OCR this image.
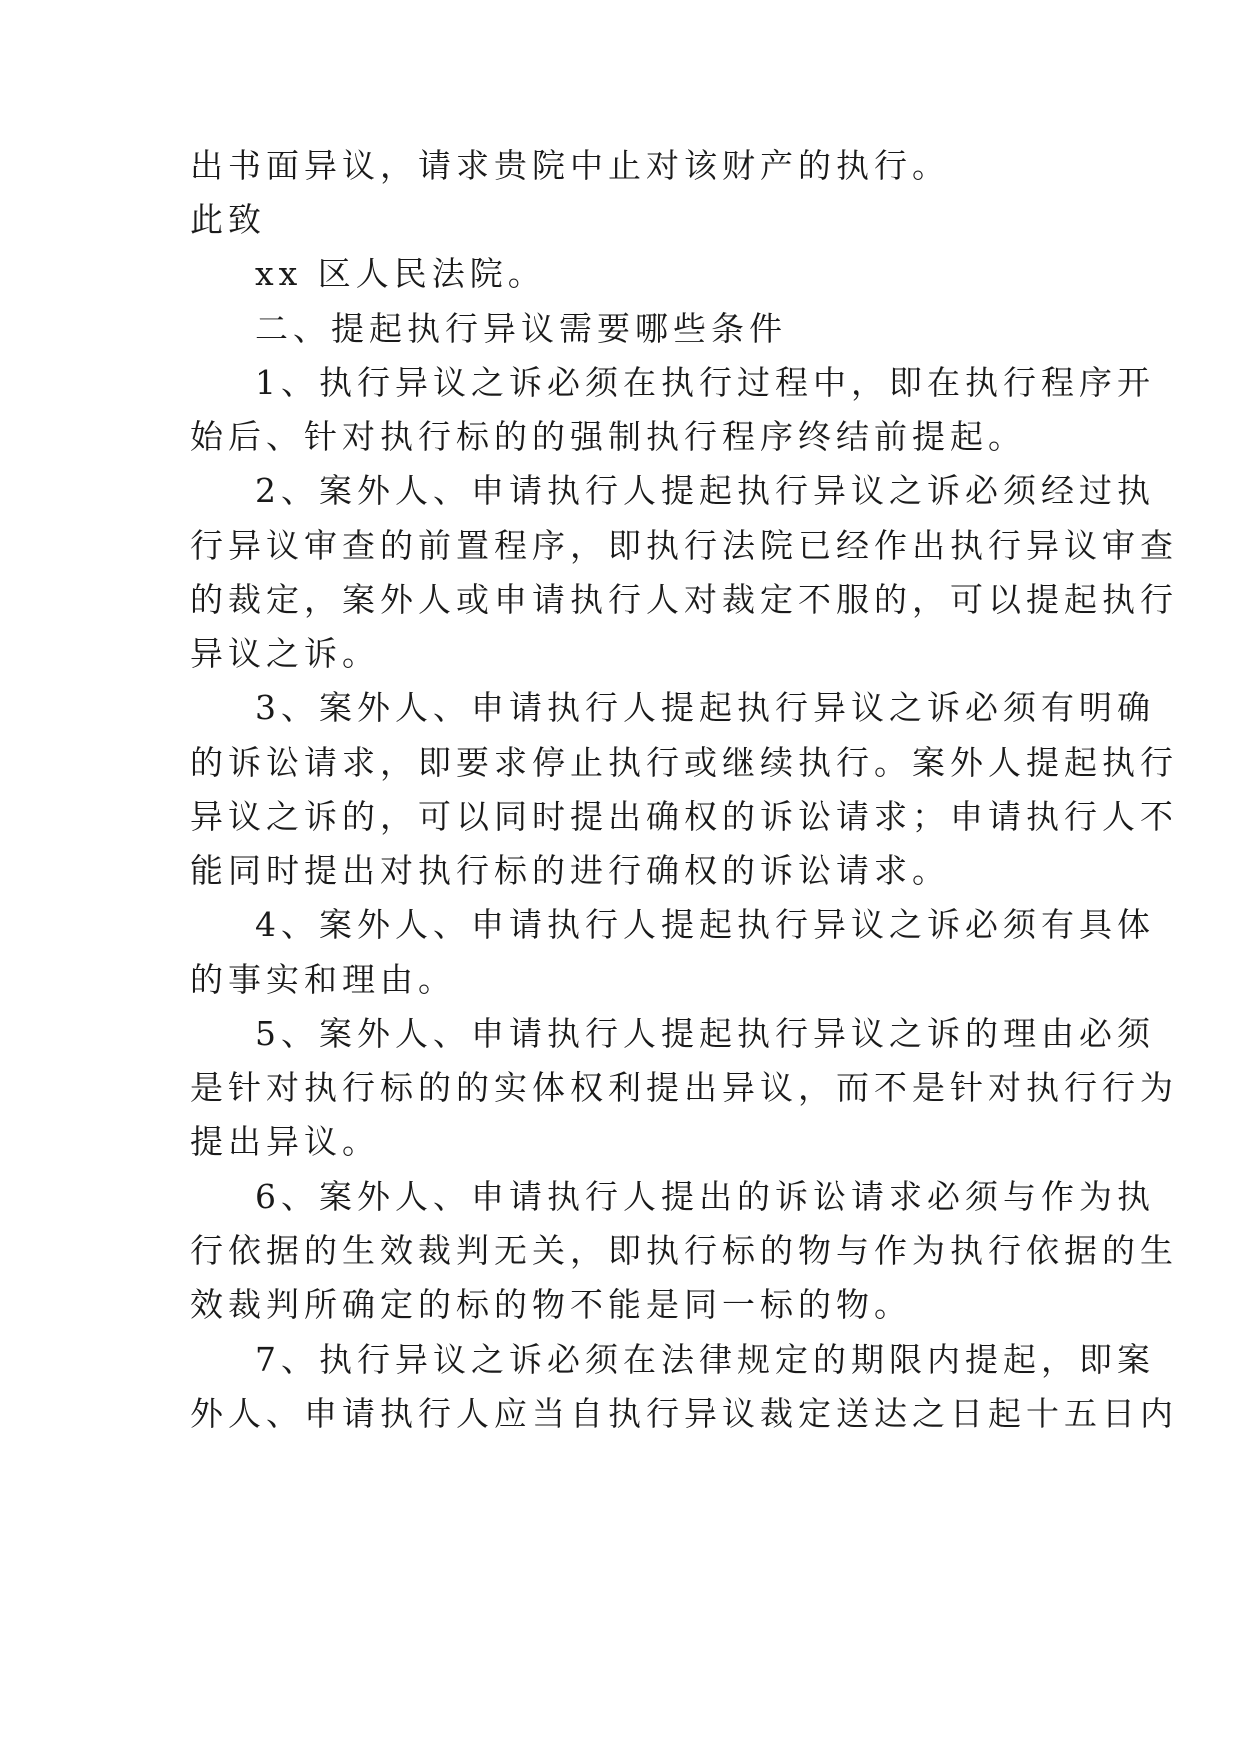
出书面异议，请求贵院中止对该财产的执行。
此致
xx 区人民法院。
二、提起执行异议需要哪些条件
1、执行异议之诉必须在执行过程中，即在执行程序开
始后、针对执行标的的强制执行程序终结前提起。
2、案外人、申请执行人提起执行异议之诉必须经过执
行异议审查的前置程序，即执行法院已经作出执行异议审查
的裁定，案外人或申请执行人对裁定不服的，可以提起执行
异议之诉。
3、案外人、申请执行人提起执行异议之诉必须有明确
的诉讼请求，即要求停止执行或继续执行。案外人提起执行
异议之诉的，可以同时提出确权的诉讼请求；申请执行人不
能同时提出对执行标的进行确权的诉讼请求。
4、案外人、申请执行人提起执行异议之诉必须有具体
的事实和理由。
5、案外人、申请执行人提起执行异议之诉的理由必须
是针对执行标的的实体权利提出异议，而不是针对执行行为
提出异议。
6、案外人、申请执行人提出的诉讼请求必须与作为执
行依据的生效裁判无关，即执行标的物与作为执行依据的生
效裁判所确定的标的物不能是同一标的物。
7、执行异议之诉必须在法律规定的期限内提起，即案
外人、申请执行人应当自执行异议裁定送达之日起十五日内
